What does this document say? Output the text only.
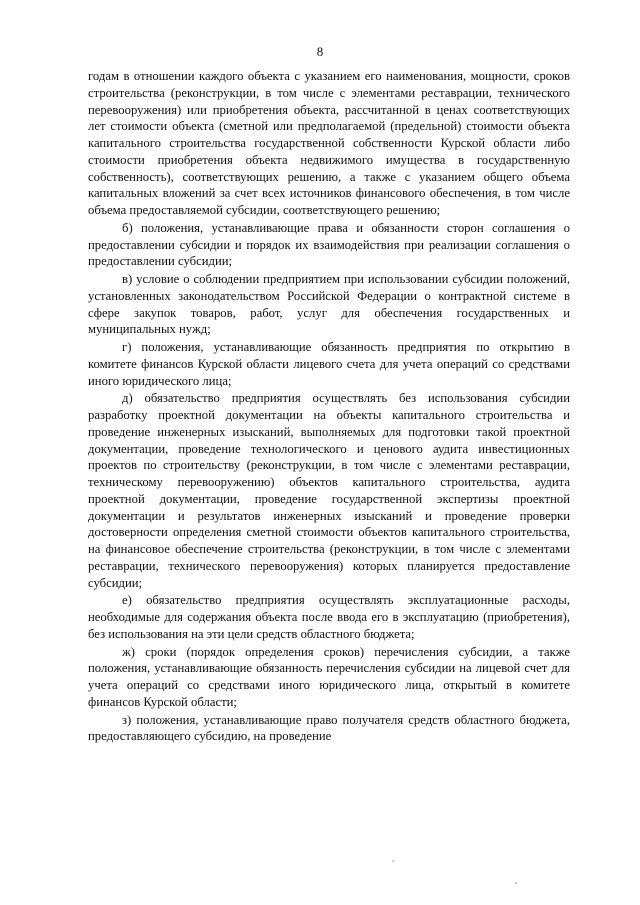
8

годам в отношении каждого объекта с указанием его наименования, мощности, сроков строительства (реконструкции, в том числе с элементами реставрации, технического перевооружения) или приобретения объекта, рассчитанной в ценах соответствующих лет стоимости объекта (сметной или предполагаемой (предельной) стоимости объекта капитального строительства государственной собственности Курской области либо стоимости приобретения объекта недвижимого имущества в государственную собственность), соответствующих решению, а также с указанием общего объема капитальных вложений за счет всех источников финансового обеспечения, в том числе объема предоставляемой субсидии, соответствующего решению;

б) положения, устанавливающие права и обязанности сторон соглашения о предоставлении субсидии и порядок их взаимодействия при реализации соглашения о предоставлении субсидии;

в) условие о соблюдении предприятием при использовании субсидии положений, установленных законодательством Российской Федерации о контрактной системе в сфере закупок товаров, работ, услуг для обеспечения государственных и муниципальных нужд;

г) положения, устанавливающие обязанность предприятия по открытию в комитете финансов Курской области лицевого счета для учета операций со средствами иного юридического лица;

д) обязательство предприятия осуществлять без использования субсидии разработку проектной документации на объекты капитального строительства и проведение инженерных изысканий, выполняемых для подготовки такой проектной документации, проведение технологического и ценового аудита инвестиционных проектов по строительству (реконструкции, в том числе с элементами реставрации, техническому перевооружению) объектов капитального строительства, аудита проектной документации, проведение государственной экспертизы проектной документации и результатов инженерных изысканий и проведение проверки достоверности определения сметной стоимости объектов капитального строительства, на финансовое обеспечение строительства (реконструкции, в том числе с элементами реставрации, технического перевооружения) которых планируется предоставление субсидии;

е) обязательство предприятия осуществлять эксплуатационные расходы, необходимые для содержания объекта после ввода его в эксплуатацию (приобретения), без использования на эти цели средств областного бюджета;

ж) сроки (порядок определения сроков) перечисления субсидии, а также положения, устанавливающие обязанность перечисления субсидии на лицевой счет для учета операций со средствами иного юридического лица, открытый в комитете финансов Курской области;

з) положения, устанавливающие право получателя средств областного бюджета, предоставляющего субсидию, на проведение
